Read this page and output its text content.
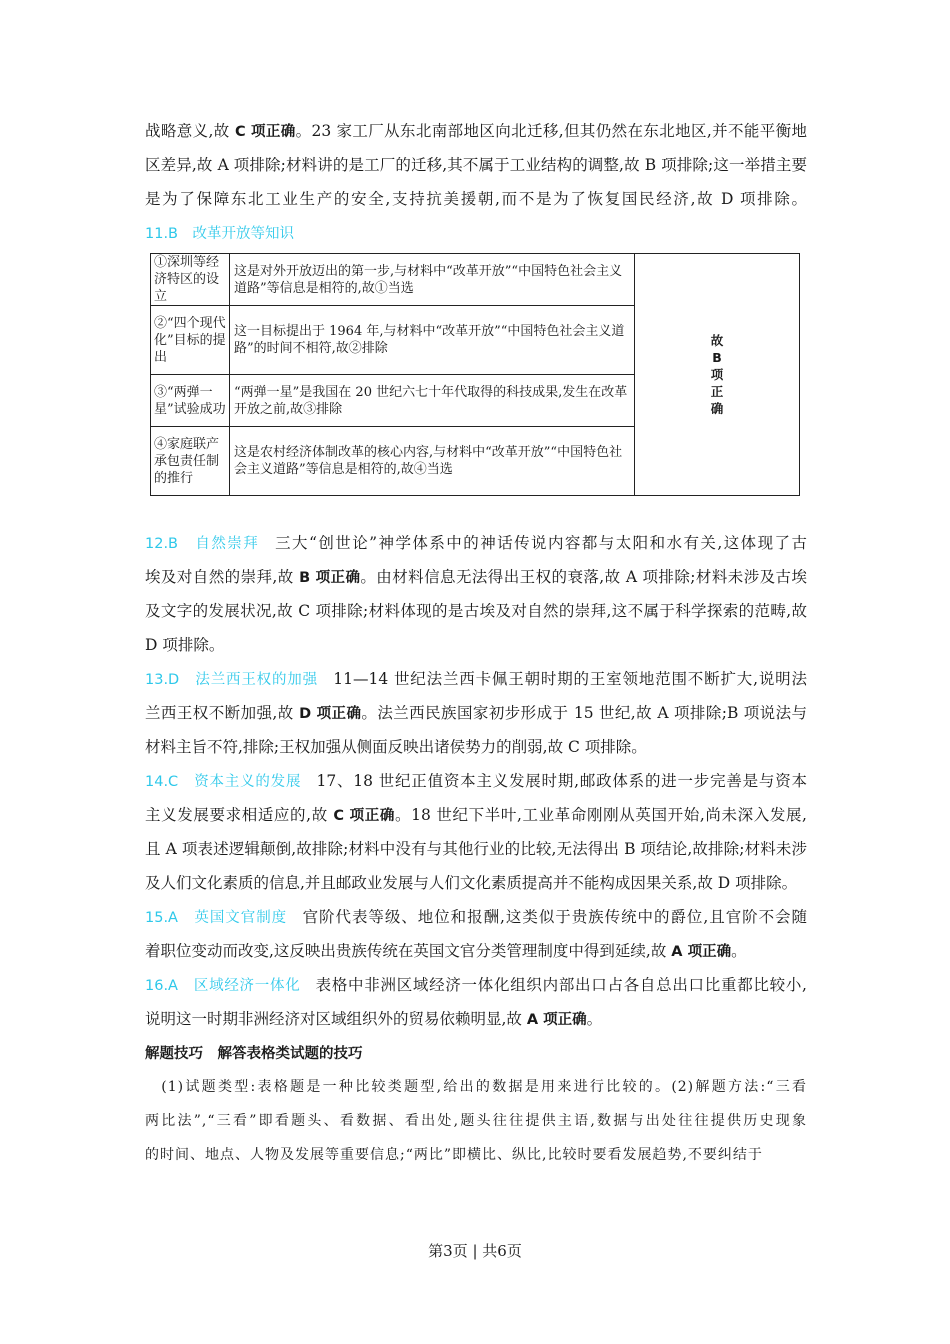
战略意义,故 C 项正确。23 家工厂从东北南部地区向北迁移,但其仍然在东北地区,并不能平衡地
区差异,故 A 项排除;材料讲的是工厂的迁移,其不属于工业结构的调整,故 B 项排除;这一举措主要
是为了保障东北工业生产的安全,支持抗美援朝,而不是为了恢复国民经济,故 D 项排除。
11.B　改革开放等知识
12.B　自然崇拜　三大“创世论”神学体系中的神话传说内容都与太阳和水有关,这体现了古
埃及对自然的崇拜,故 B 项正确。由材料信息无法得出王权的衰落,故 A 项排除;材料未涉及古埃
及文字的发展状况,故 C 项排除;材料体现的是古埃及对自然的崇拜,这不属于科学探索的范畴,故
D 项排除。
13.D　法兰西王权的加强　11—14 世纪法兰西卡佩王朝时期的王室领地范围不断扩大,说明法
兰西王权不断加强,故 D 项正确。法兰西民族国家初步形成于 15 世纪,故 A 项排除;B 项说法与
材料主旨不符,排除;王权加强从侧面反映出诸侯势力的削弱,故 C 项排除。
14.C　资本主义的发展　17、18 世纪正值资本主义发展时期,邮政体系的进一步完善是与资本
主义发展要求相适应的,故 C 项正确。18 世纪下半叶,工业革命刚刚从英国开始,尚未深入发展,
且 A 项表述逻辑颠倒,故排除;材料中没有与其他行业的比较,无法得出 B 项结论,故排除;材料未涉
及人们文化素质的信息,并且邮政业发展与人们文化素质提高并不能构成因果关系,故 D 项排除。
15.A　英国文官制度　官阶代表等级、地位和报酬,这类似于贵族传统中的爵位,且官阶不会随
着职位变动而改变,这反映出贵族传统在英国文官分类管理制度中得到延续,故 A 项正确。
16.A　区域经济一体化　表格中非洲区域经济一体化组织内部出口占各自总出口比重都比较小,
说明这一时期非洲经济对区域组织外的贸易依赖明显,故 A 项正确。
解题技巧　解答表格类试题的技巧
　(1)试题类型:表格题是一种比较类题型,给出的数据是用来进行比较的。(2)解题方法:“三看
两比法”,“三看”即看题头、看数据、看出处,题头往往提供主语,数据与出处往往提供历史现象
的时间、地点、人物及发展等重要信息;“两比”即横比、纵比,比较时要看发展趋势,不要纠结于
①深圳等经济特区的设立	这是对外开放迈出的第一步,与材料中“改革开放”“中国特色社会主义道路”等信息是相符的,故①当选	故B项正确
②“四个现代化”目标的提出	这一目标提出于 1964 年,与材料中“改革开放”“中国特色社会主义道路”的时间不相符,故②排除	
③“两弹一星”试验成功	“两弹一星”是我国在 20 世纪六七十年代取得的科技成果,发生在改革开放之前,故③排除	
④家庭联产承包责任制的推行	这是农村经济体制改革的核心内容,与材料中“改革开放”“中国特色社会主义道路”等信息是相符的,故④当选	
第3页 | 共6页
